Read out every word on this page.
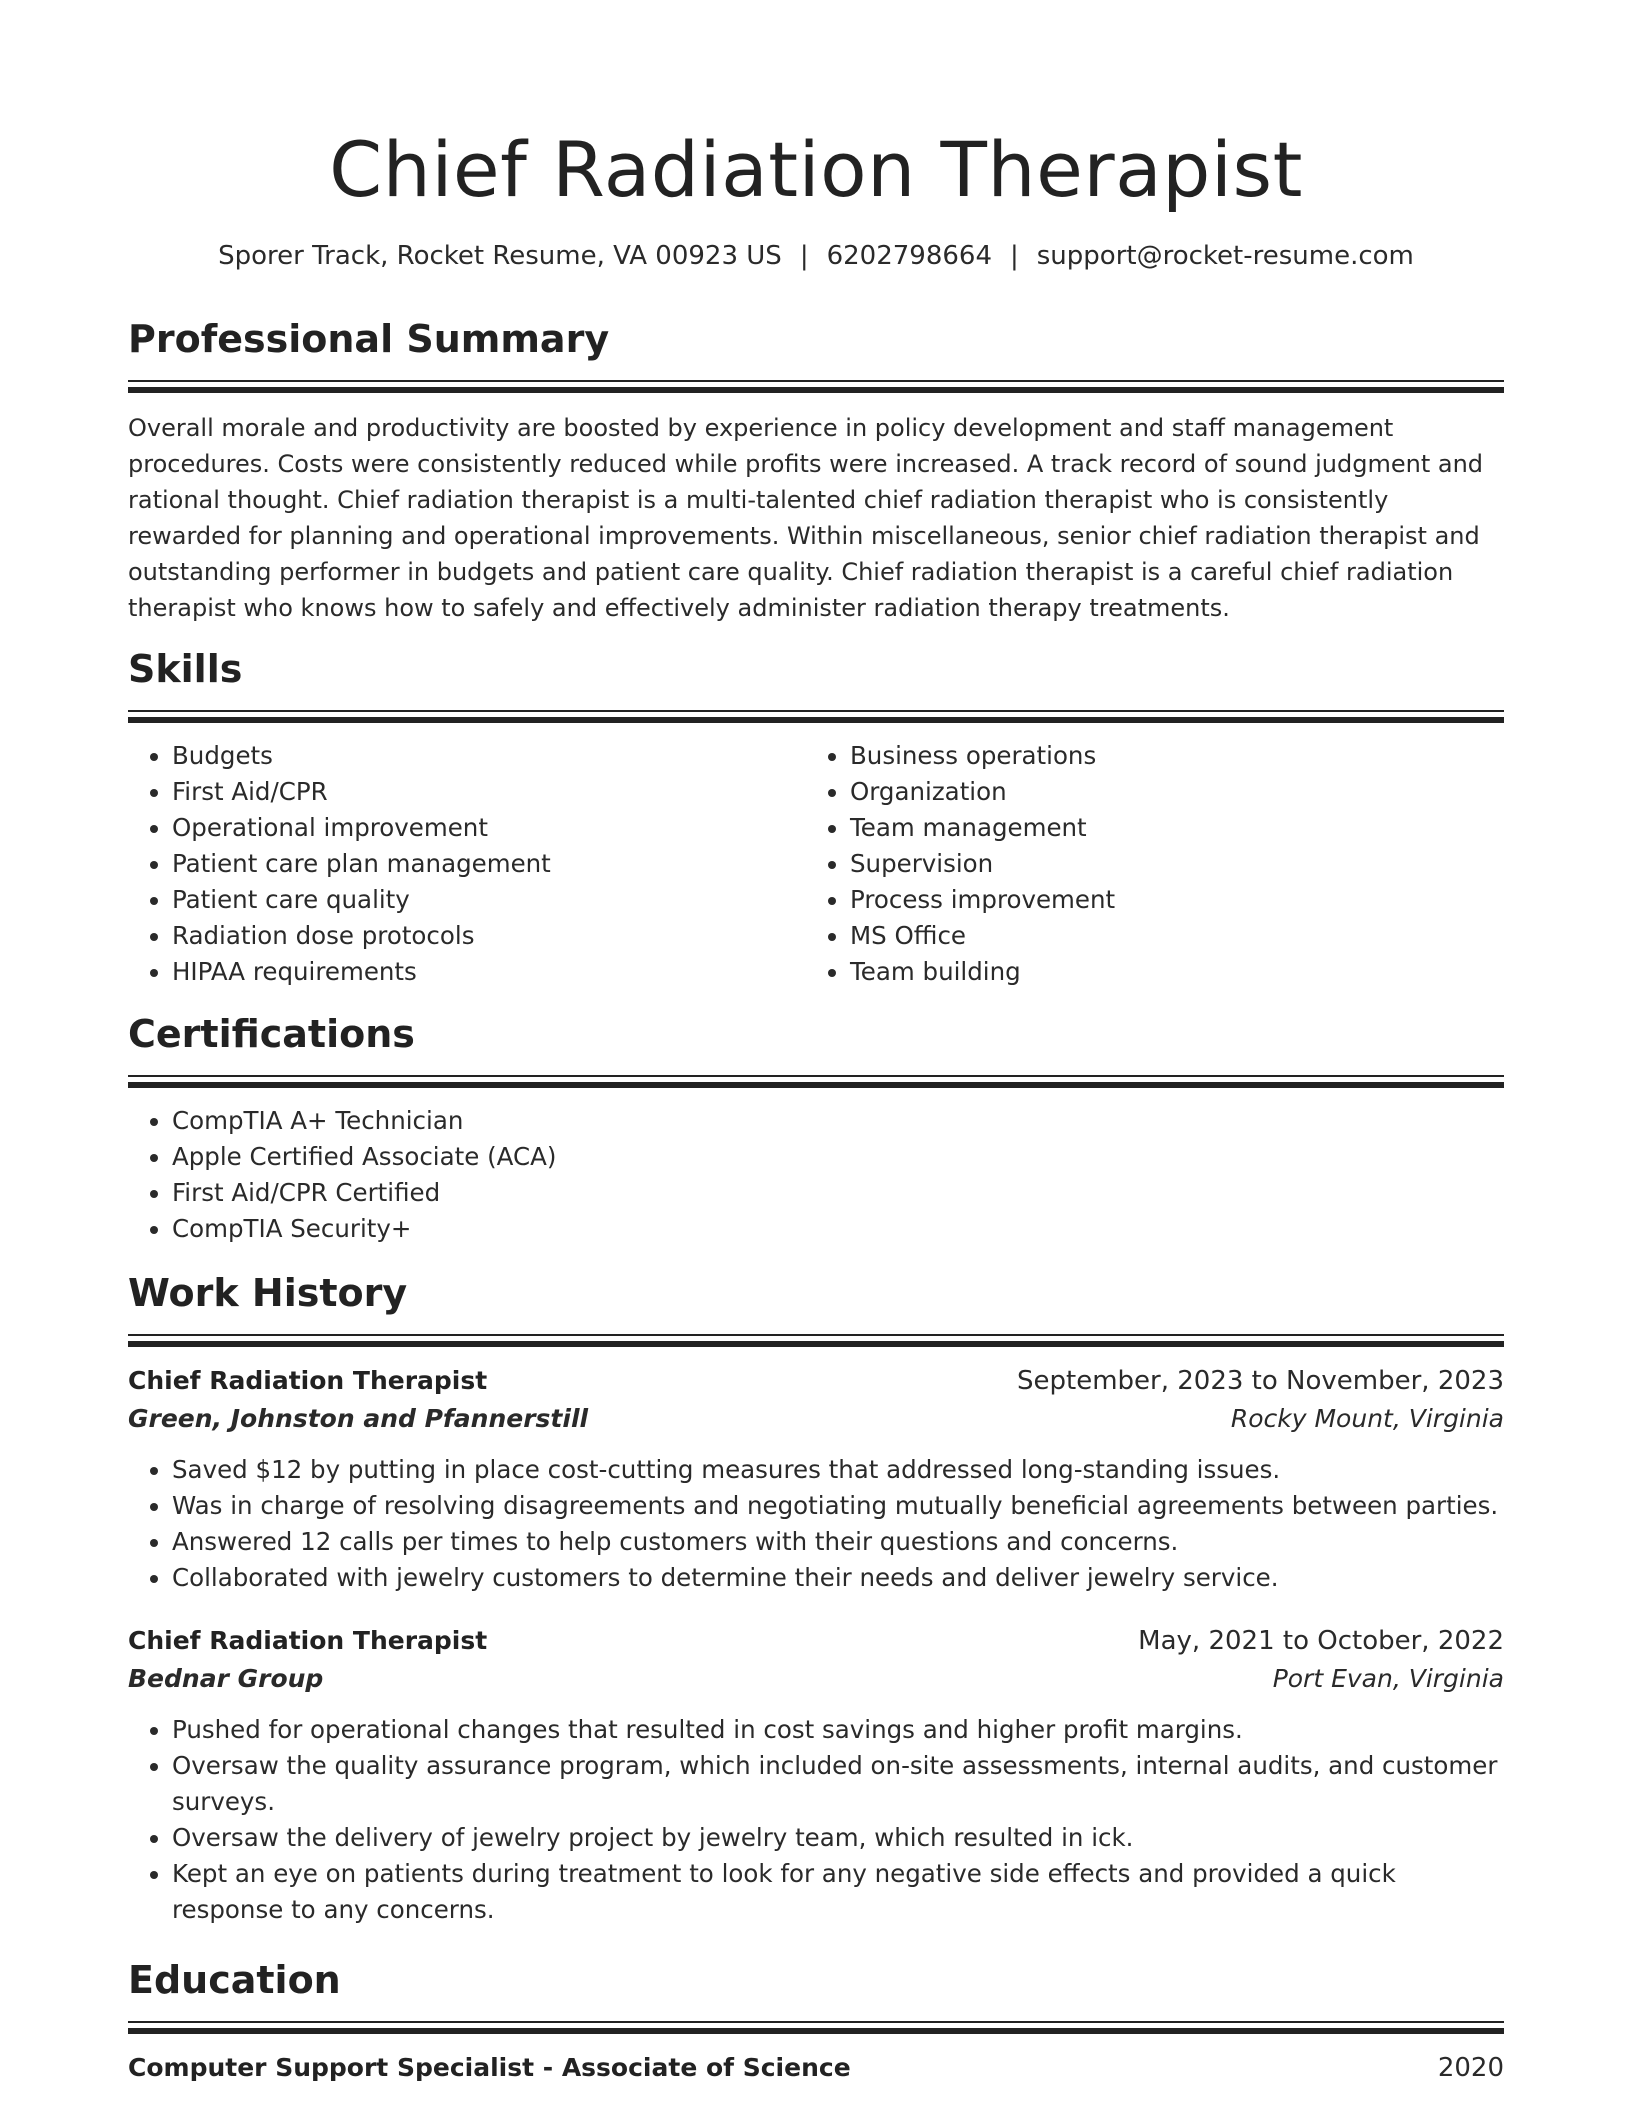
Chief Radiation Therapist
Sporer Track, Rocket Resume, VA 00923 US | 6202798664 | support@rocket-resume.com
Professional Summary
Overall morale and productivity are boosted by experience in policy development and staff management procedures. Costs were consistently reduced while profits were increased. A track record of sound judgment and rational thought. Chief radiation therapist is a multi-talented chief radiation therapist who is consistently rewarded for planning and operational improvements. Within miscellaneous, senior chief radiation therapist and outstanding performer in budgets and patient care quality. Chief radiation therapist is a careful chief radiation therapist who knows how to safely and effectively administer radiation therapy treatments.
Skills
• Budgets
• First Aid/CPR
• Operational improvement
• Patient care plan management
• Patient care quality
• Radiation dose protocols
• HIPAA requirements
• Business operations
• Organization
• Team management
• Supervision
• Process improvement
• MS Office
• Team building
Certifications
• CompTIA A+ Technician
• Apple Certified Associate (ACA)
• First Aid/CPR Certified
• CompTIA Security+
Work History
Chief Radiation Therapist	September, 2023 to November, 2023
Green, Johnston and Pfannerstill	Rocky Mount, Virginia
• Saved $12 by putting in place cost-cutting measures that addressed long-standing issues.
• Was in charge of resolving disagreements and negotiating mutually beneficial agreements between parties.
• Answered 12 calls per times to help customers with their questions and concerns.
• Collaborated with jewelry customers to determine their needs and deliver jewelry service.
Chief Radiation Therapist	May, 2021 to October, 2022
Bednar Group	Port Evan, Virginia
• Pushed for operational changes that resulted in cost savings and higher profit margins.
• Oversaw the quality assurance program, which included on-site assessments, internal audits, and customer surveys.
• Oversaw the delivery of jewelry project by jewelry team, which resulted in ick.
• Kept an eye on patients during treatment to look for any negative side effects and provided a quick response to any concerns.
Education
Computer Support Specialist - Associate of Science	2020
